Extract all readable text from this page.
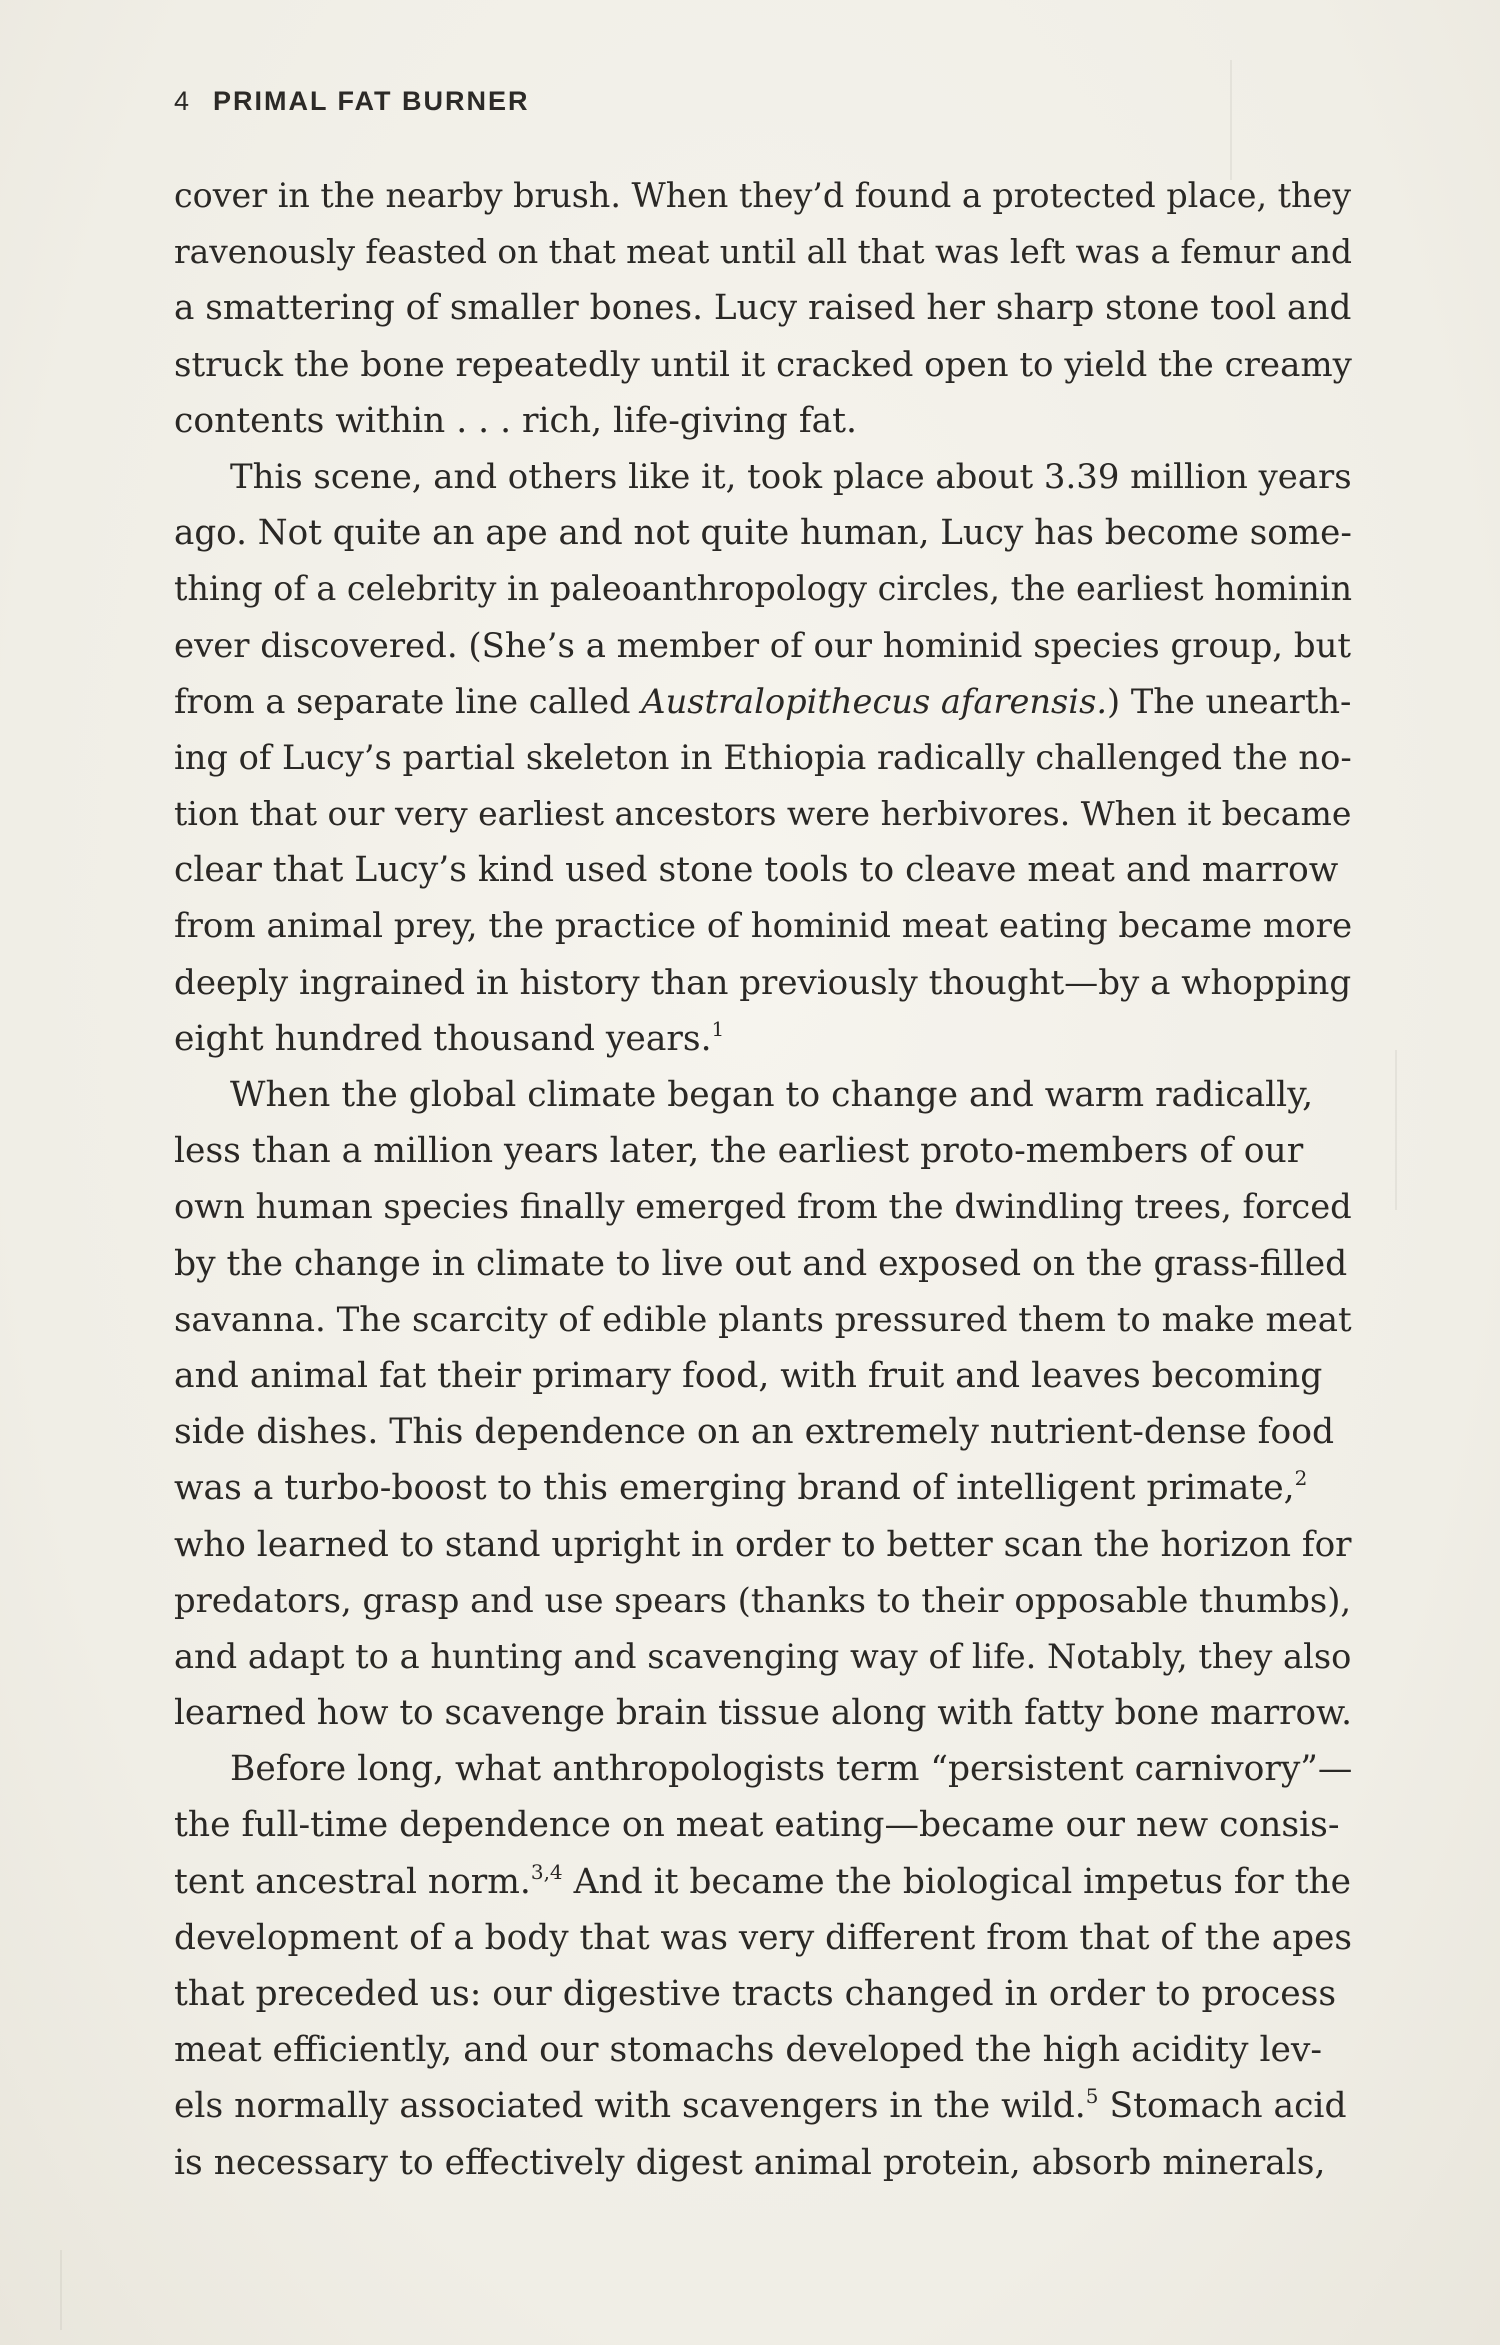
4 PRIMAL FAT BURNER
cover in the nearby brush. When they’d found a protected place, they
ravenously feasted on that meat until all that was left was a femur and
a smattering of smaller bones. Lucy raised her sharp stone tool and
struck the bone repeatedly until it cracked open to yield the creamy
contents within . . . rich, life-giving fat.
This scene, and others like it, took place about 3.39 million years
ago. Not quite an ape and not quite human, Lucy has become some-
thing of a celebrity in paleoanthropology circles, the earliest hominin
ever discovered. (She’s a member of our hominid species group, but
from a separate line called Australopithecus afarensis.) The unearth-
ing of Lucy’s partial skeleton in Ethiopia radically challenged the no-
tion that our very earliest ancestors were herbivores. When it became
clear that Lucy’s kind used stone tools to cleave meat and marrow
from animal prey, the practice of hominid meat eating became more
deeply ingrained in history than previously thought—by a whopping
eight hundred thousand years.$^1$
When the global climate began to change and warm radically,
less than a million years later, the earliest proto-members of our
own human species finally emerged from the dwindling trees, forced
by the change in climate to live out and exposed on the grass-filled
savanna. The scarcity of edible plants pressured them to make meat
and animal fat their primary food, with fruit and leaves becoming
side dishes. This dependence on an extremely nutrient-dense food
was a turbo-boost to this emerging brand of intelligent primate,$^2$
who learned to stand upright in order to better scan the horizon for
predators, grasp and use spears (thanks to their opposable thumbs),
and adapt to a hunting and scavenging way of life. Notably, they also
learned how to scavenge brain tissue along with fatty bone marrow.
Before long, what anthropologists term “persistent carnivory”—
the full-time dependence on meat eating—became our new consis-
tent ancestral norm.$^{3,4}$ And it became the biological impetus for the
development of a body that was very different from that of the apes
that preceded us: our digestive tracts changed in order to process
meat efficiently, and our stomachs developed the high acidity lev-
els normally associated with scavengers in the wild.$^5$ Stomach acid
is necessary to effectively digest animal protein, absorb minerals,
